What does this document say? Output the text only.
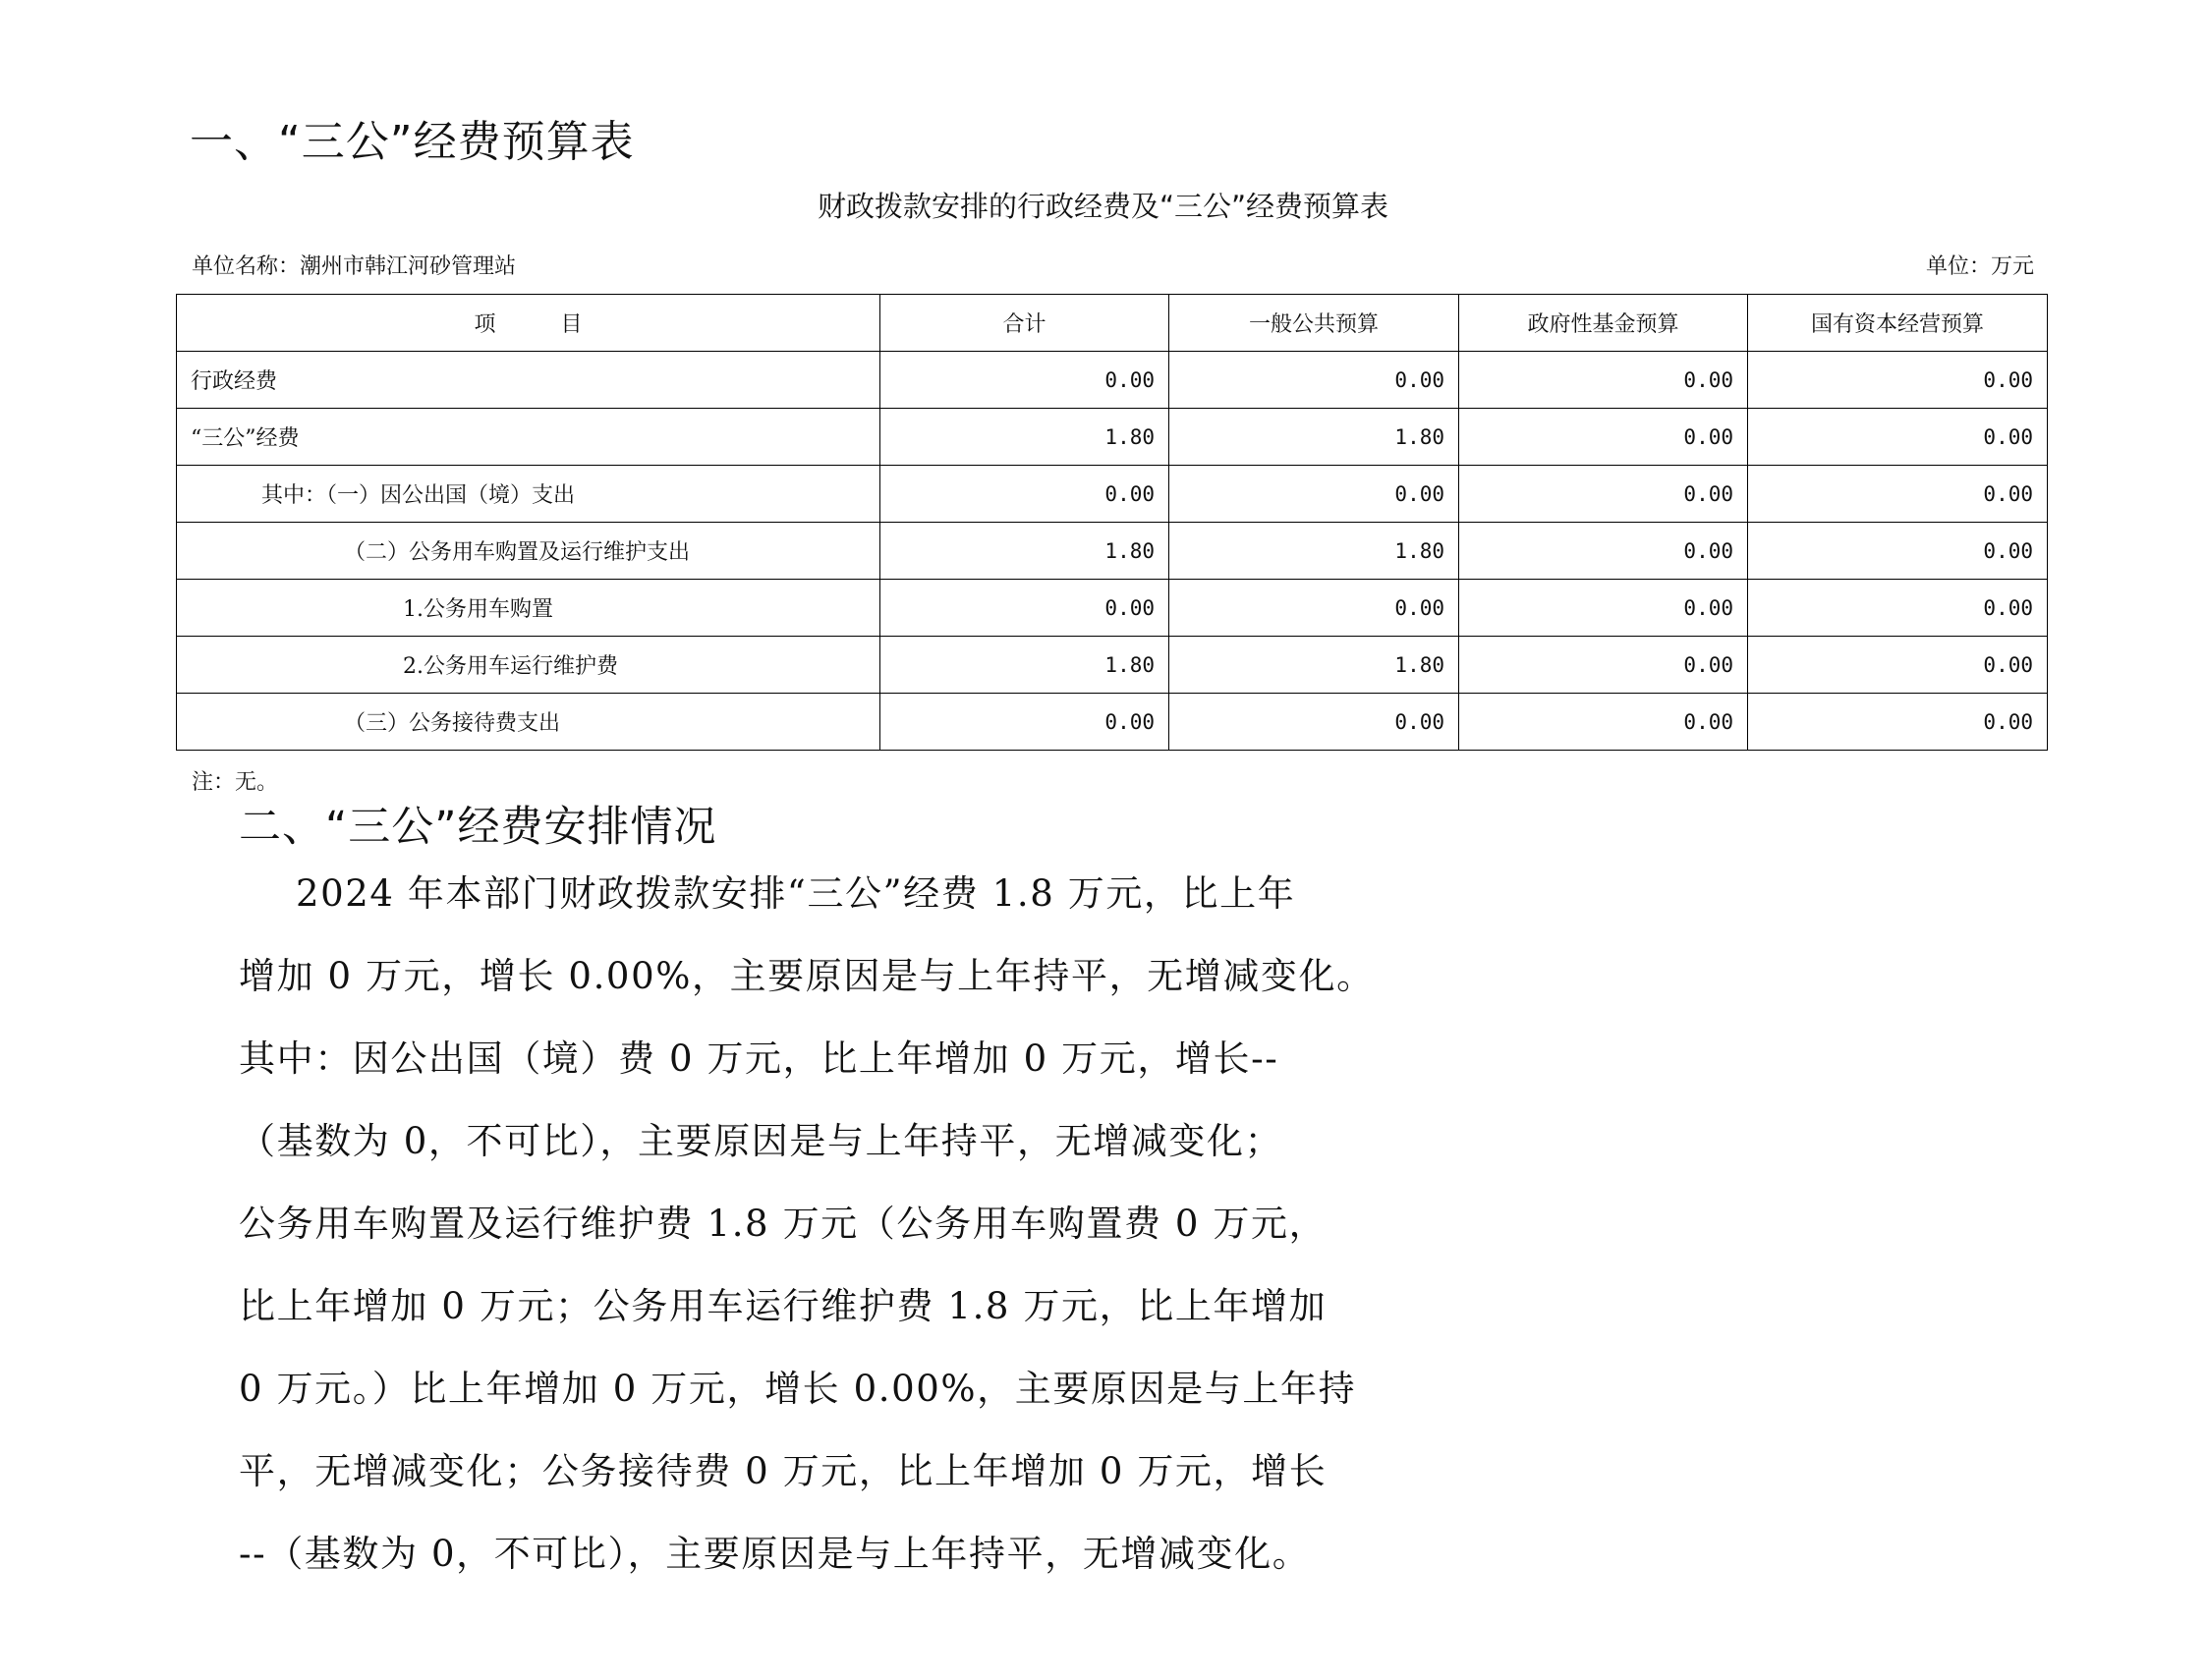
一、“三公”经费预算表
财政拨款安排的行政经费及“三公”经费预算表
单位名称：潮州市韩江河砂管理站	单位：万元
项　　　目	合计	一般公共预算	政府性基金预算	国有资本经营预算
行政经费	0.00	0.00	0.00	0.00
“三公”经费	1.80	1.80	0.00	0.00
其中：（一）因公出国（境）支出	0.00	0.00	0.00	0.00
（二）公务用车购置及运行维护支出	1.80	1.80	0.00	0.00
1.公务用车购置	0.00	0.00	0.00	0.00
2.公务用车运行维护费	1.80	1.80	0.00	0.00
（三）公务接待费支出	0.00	0.00	0.00	0.00
注：无。
二、“三公”经费安排情况
2024 年本部门财政拨款安排“三公”经费 1.8 万元，比上年
增加 0 万元，增长 0.00%，主要原因是与上年持平，无增减变化。
其中：因公出国（境）费 0 万元，比上年增加 0 万元，增长--
（基数为 0，不可比），主要原因是与上年持平，无增减变化；
公务用车购置及运行维护费 1.8 万元（公务用车购置费 0 万元，
比上年增加 0 万元；公务用车运行维护费 1.8 万元，比上年增加
0 万元。）比上年增加 0 万元，增长 0.00%，主要原因是与上年持
平，无增减变化；公务接待费 0 万元，比上年增加 0 万元，增长
--（基数为 0，不可比），主要原因是与上年持平，无增减变化。
